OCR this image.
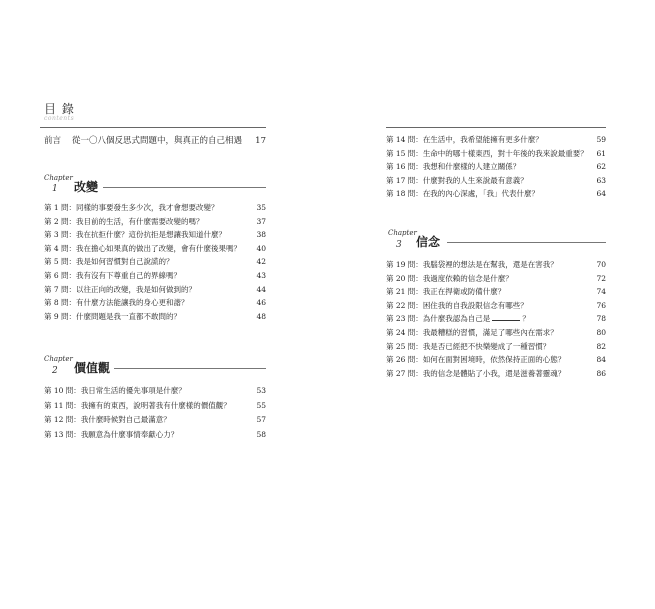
目 錄
contents
前言 從一〇八個反思式問題中，與真正的自己相遇 17
Chapter
1 改變
第 1 問：同樣的事要發生多少次，我才會想要改變？	35
第 2 問：我目前的生活，有什麼需要改變的嗎？	37
第 3 問：我在抗拒什麼？這份抗拒是想讓我知道什麼？	38
第 4 問：我在擔心如果真的做出了改變，會有什麼後果嗎？ 40
第 5 問：我是如何習慣對自己說謊的？	42
第 6 問：我有沒有下尊重自己的界線嗎？	43
第 7 問：以往正向的改變，我是如何做到的？	44
第 8 問：有什麼方法能讓我的身心更和諧？	46
第 9 問：什麼問題是我一直都不敢問的？	48
Chapter
2 價值觀
第 10 問：我日常生活的優先事項是什麼？	53
第 11 問：我擁有的東西，說明著我有什麼樣的價值觀？	55
第 12 問：我什麼時候對自己最滿意？	57
第 13 問：我願意為什麼事情奉獻心力？	58
第 14 問：在生活中，我希望能擁有更多什麼？	59
第 15 問：生命中的哪十樣東西，對十年後的我來說最重要？ 61
第 16 問：我想和什麼樣的人建立關係？	62
第 17 問：什麼對我的人生來說最有意義？	63
第 18 問：在我的內心深處，「我」代表什麼？	64
Chapter
3 信念
第 19 問：我腦袋裡的想法是在幫我，還是在害我？	70
第 20 問：我過度依賴的信念是什麼？	72
第 21 問：我正在捍衛或防備什麼？	74
第 22 問：困住我的自我設限信念有哪些？	76
第 23 問：為什麼我認為自己是	？	78
第 24 問：我最糟糕的習慣，滿足了哪些內在需求？	80
第 25 問：我是否已經把不快樂變成了一種習慣？	82
第 26 問：如何在面對困境時，依然保持正面的心態？	84
第 27 問：我的信念是體貼了小我，還是滋養著靈魂？	86
